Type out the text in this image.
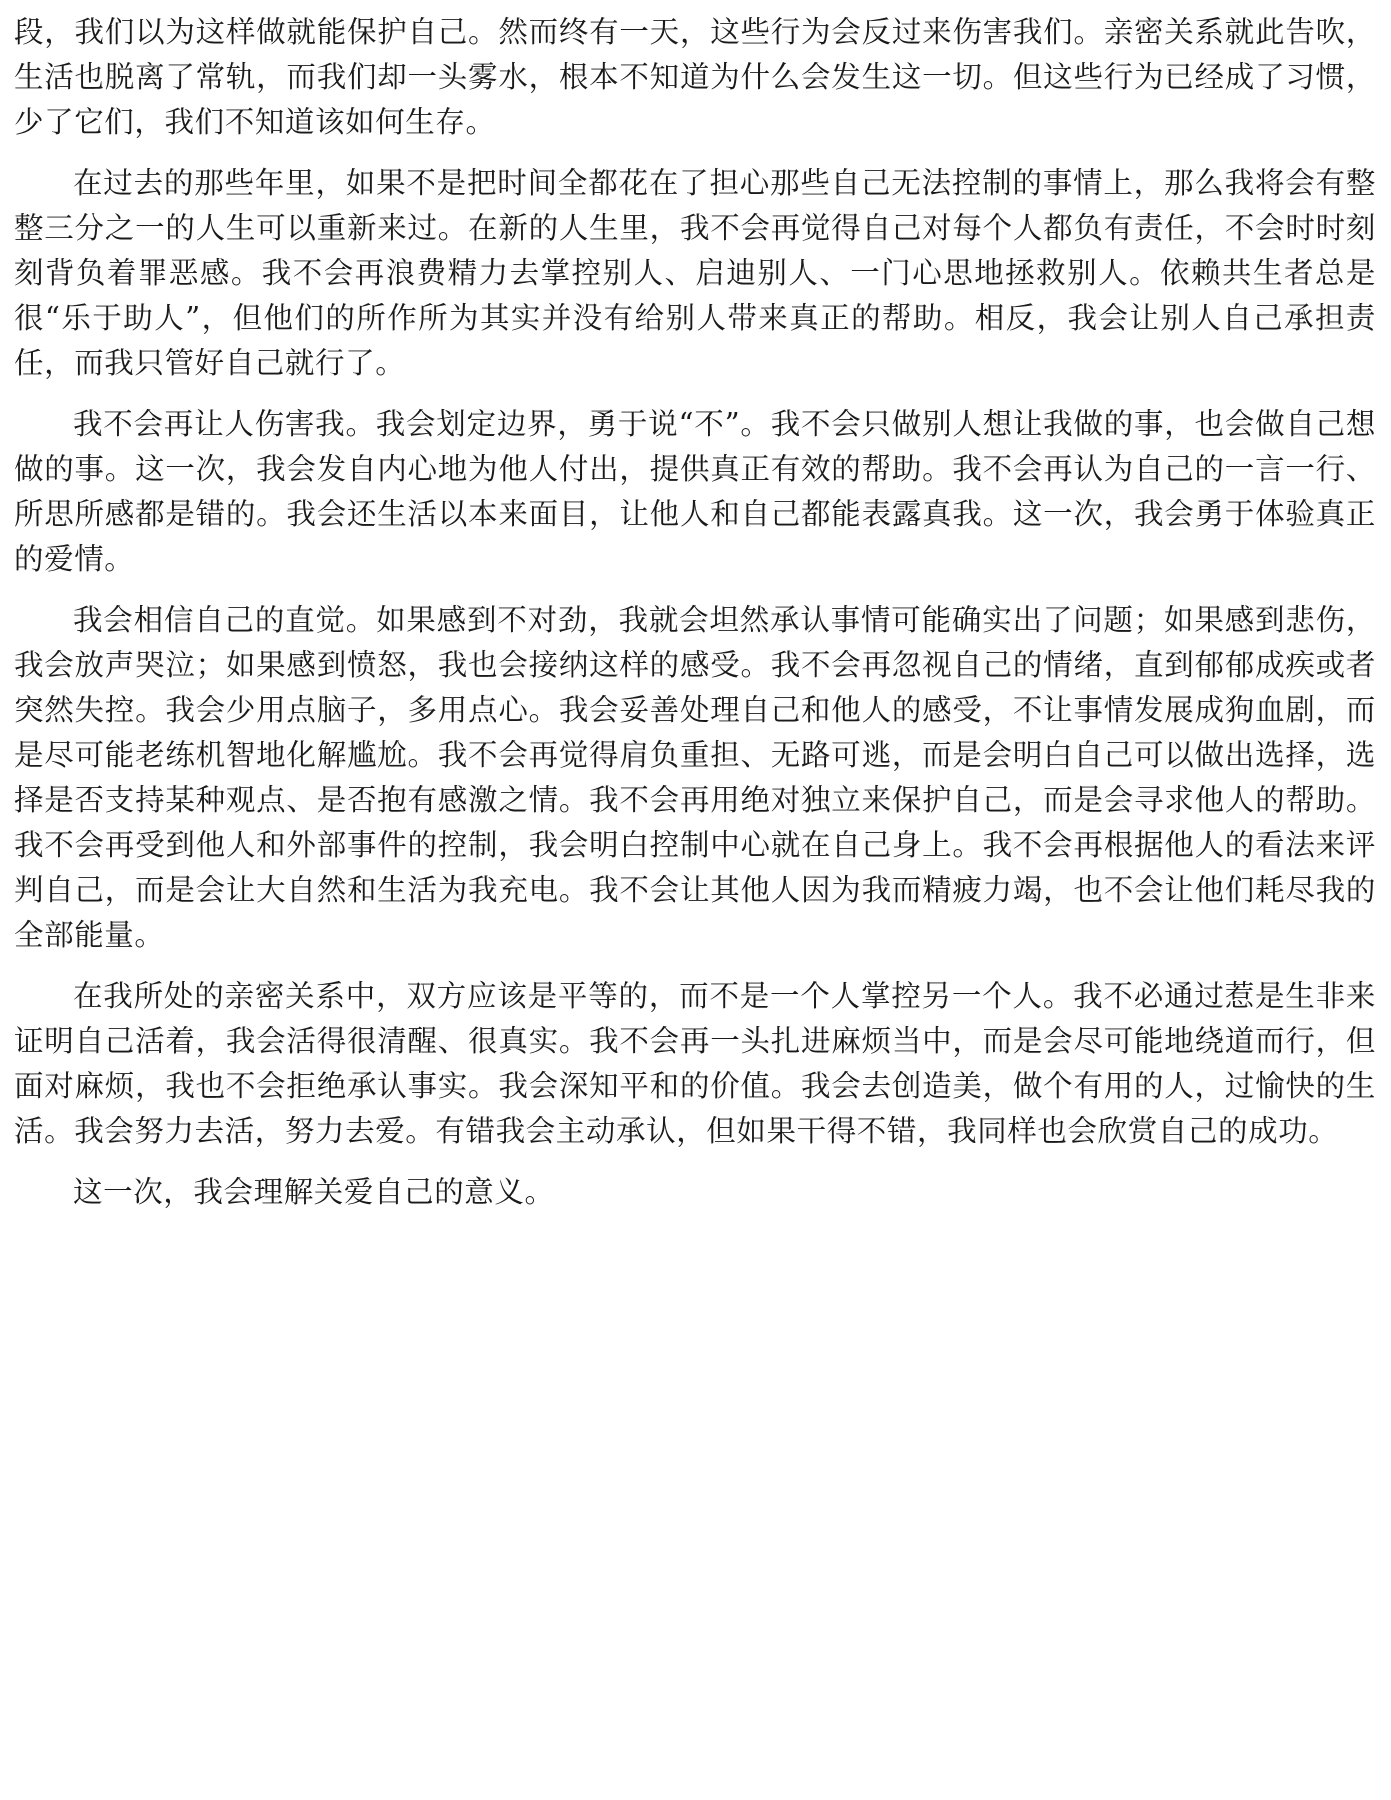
段，我们以为这样做就能保护自己。然而终有一天，这些行为会反过来伤害我们。亲密关系就此告吹，生活也脱离了常轨，而我们却一头雾水，根本不知道为什么会发生这一切。但这些行为已经成了习惯，少了它们，我们不知道该如何生存。

在过去的那些年里，如果不是把时间全都花在了担心那些自己无法控制的事情上，那么我将会有整整三分之一的人生可以重新来过。在新的人生里，我不会再觉得自己对每个人都负有责任，不会时时刻刻背负着罪恶感。我不会再浪费精力去掌控别人、启迪别人、一门心思地拯救别人。依赖共生者总是很“乐于助人”，但他们的所作所为其实并没有给别人带来真正的帮助。相反，我会让别人自己承担责任，而我只管好自己就行了。

我不会再让人伤害我。我会划定边界，勇于说“不”。我不会只做别人想让我做的事，也会做自己想做的事。这一次，我会发自内心地为他人付出，提供真正有效的帮助。我不会再认为自己的一言一行、所思所感都是错的。我会还生活以本来面目，让他人和自己都能表露真我。这一次，我会勇于体验真正的爱情。

我会相信自己的直觉。如果感到不对劲，我就会坦然承认事情可能确实出了问题；如果感到悲伤，我会放声哭泣；如果感到愤怒，我也会接纳这样的感受。我不会再忽视自己的情绪，直到郁郁成疾或者突然失控。我会少用点脑子，多用点心。我会妥善处理自己和他人的感受，不让事情发展成狗血剧，而是尽可能老练机智地化解尴尬。我不会再觉得肩负重担、无路可逃，而是会明白自己可以做出选择，选择是否支持某种观点、是否抱有感激之情。我不会再用绝对独立来保护自己，而是会寻求他人的帮助。我不会再受到他人和外部事件的控制，我会明白控制中心就在自己身上。我不会再根据他人的看法来评判自己，而是会让大自然和生活为我充电。我不会让其他人因为我而精疲力竭，也不会让他们耗尽我的全部能量。

在我所处的亲密关系中，双方应该是平等的，而不是一个人掌控另一个人。我不必通过惹是生非来证明自己活着，我会活得很清醒、很真实。我不会再一头扎进麻烦当中，而是会尽可能地绕道而行，但面对麻烦，我也不会拒绝承认事实。我会深知平和的价值。我会去创造美，做个有用的人，过愉快的生活。我会努力去活，努力去爱。有错我会主动承认，但如果干得不错，我同样也会欣赏自己的成功。

这一次，我会理解关爱自己的意义。
